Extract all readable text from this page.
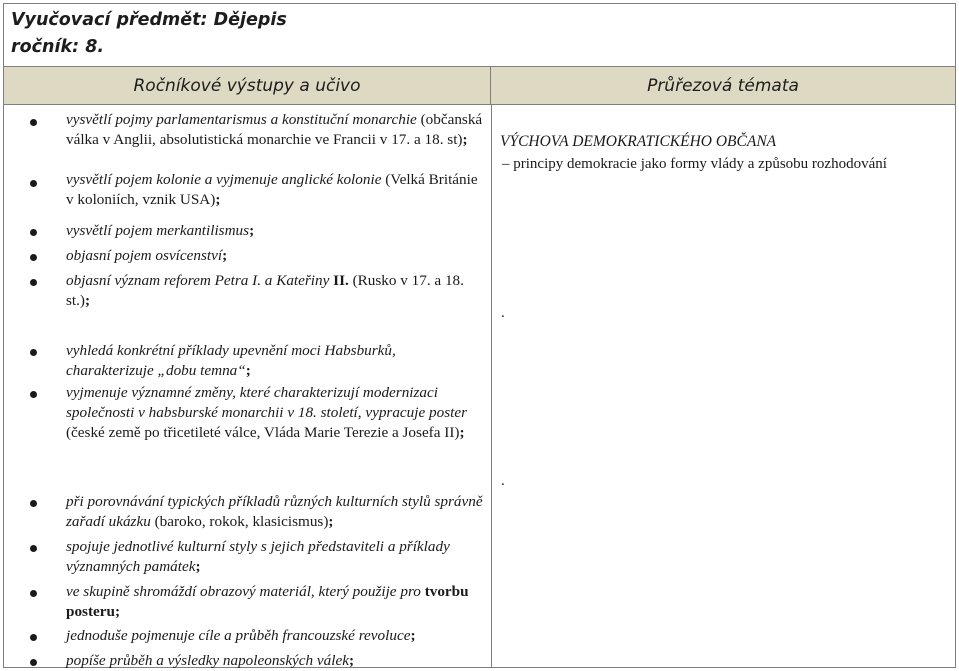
Vyučovací předmět: Dějepis
ročník: 8.
Ročníkové výstupy a učivo	Průřezová témata
vysvětlí pojmy parlamentarismus a konstituční monarchie (občanská válka v Anglii, absolutistická monarchie ve Francii v 17. a 18. st);
vysvětlí pojem kolonie a vyjmenuje anglické kolonie (Velká Británie v koloniích, vznik USA);
vysvětlí pojem merkantilismus;
objasní pojem osvícenství;
objasní význam reforem Petra I. a Kateřiny II. (Rusko v 17. a 18. st.);
vyhledá konkrétní příklady upevnění moci Habsburků, charakterizuje „dobu temna“;
vyjmenuje významné změny, které charakterizují modernizaci společnosti v habsburské monarchii v 18. století, vypracuje poster (české země po třicetileté válce, Vláda Marie Terezie a Josefa II);
při porovnávání typických příkladů různých kulturních stylů správně zařadí ukázku (baroko, rokok, klasicismus);
spojuje jednotlivé kulturní styly s jejich představiteli a příklady významných památek;
ve skupině shromáždí obrazový materiál, který použije pro tvorbu posteru;
jednoduše pojmenuje cíle a průběh francouzské revoluce;
popíše průběh a výsledky napoleonských válek;
VÝCHOVA DEMOKRATICKÉHO OBČANA
– principy demokracie jako formy vlády a způsobu rozhodování
.
.
